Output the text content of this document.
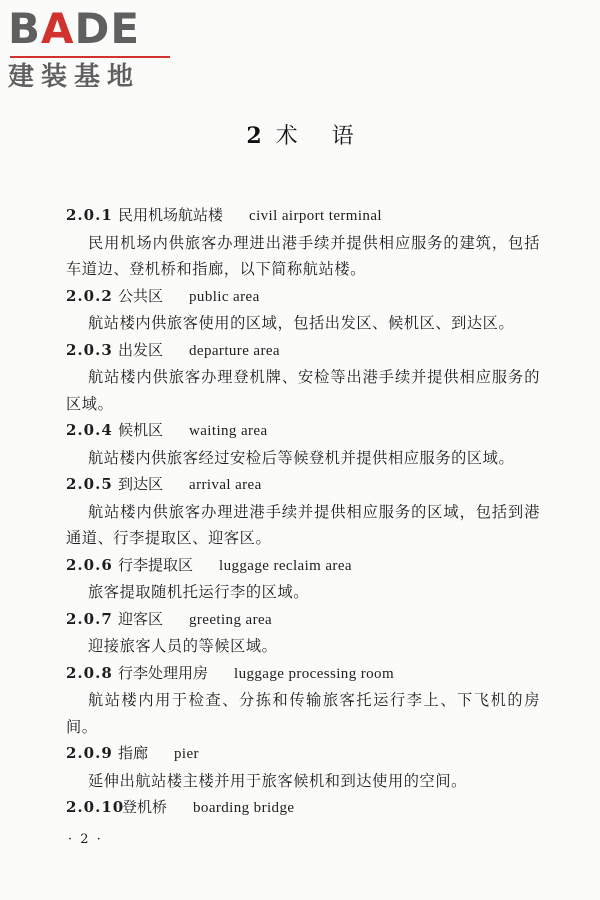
BADE
建装基地
2 术 语
2.0.1 民用机场航站楼 civil airport terminal
民用机场内供旅客办理进出港手续并提供相应服务的建筑，包括车道边、登机桥和指廊，以下简称航站楼。
2.0.2 公共区 public area
航站楼内供旅客使用的区域，包括出发区、候机区、到达区。
2.0.3 出发区 departure area
航站楼内供旅客办理登机牌、安检等出港手续并提供相应服务的区域。
2.0.4 候机区 waiting area
航站楼内供旅客经过安检后等候登机并提供相应服务的区域。
2.0.5 到达区 arrival area
航站楼内供旅客办理进港手续并提供相应服务的区域，包括到港通道、行李提取区、迎客区。
2.0.6 行李提取区 luggage reclaim area
旅客提取随机托运行李的区域。
2.0.7 迎客区 greeting area
迎接旅客人员的等候区域。
2.0.8 行李处理用房 luggage processing room
航站楼内用于检查、分拣和传输旅客托运行李上、下飞机的房间。
2.0.9 指廊 pier
延伸出航站楼主楼并用于旅客候机和到达使用的空间。
2.0.10登机桥 boarding bridge
· 2 ·
